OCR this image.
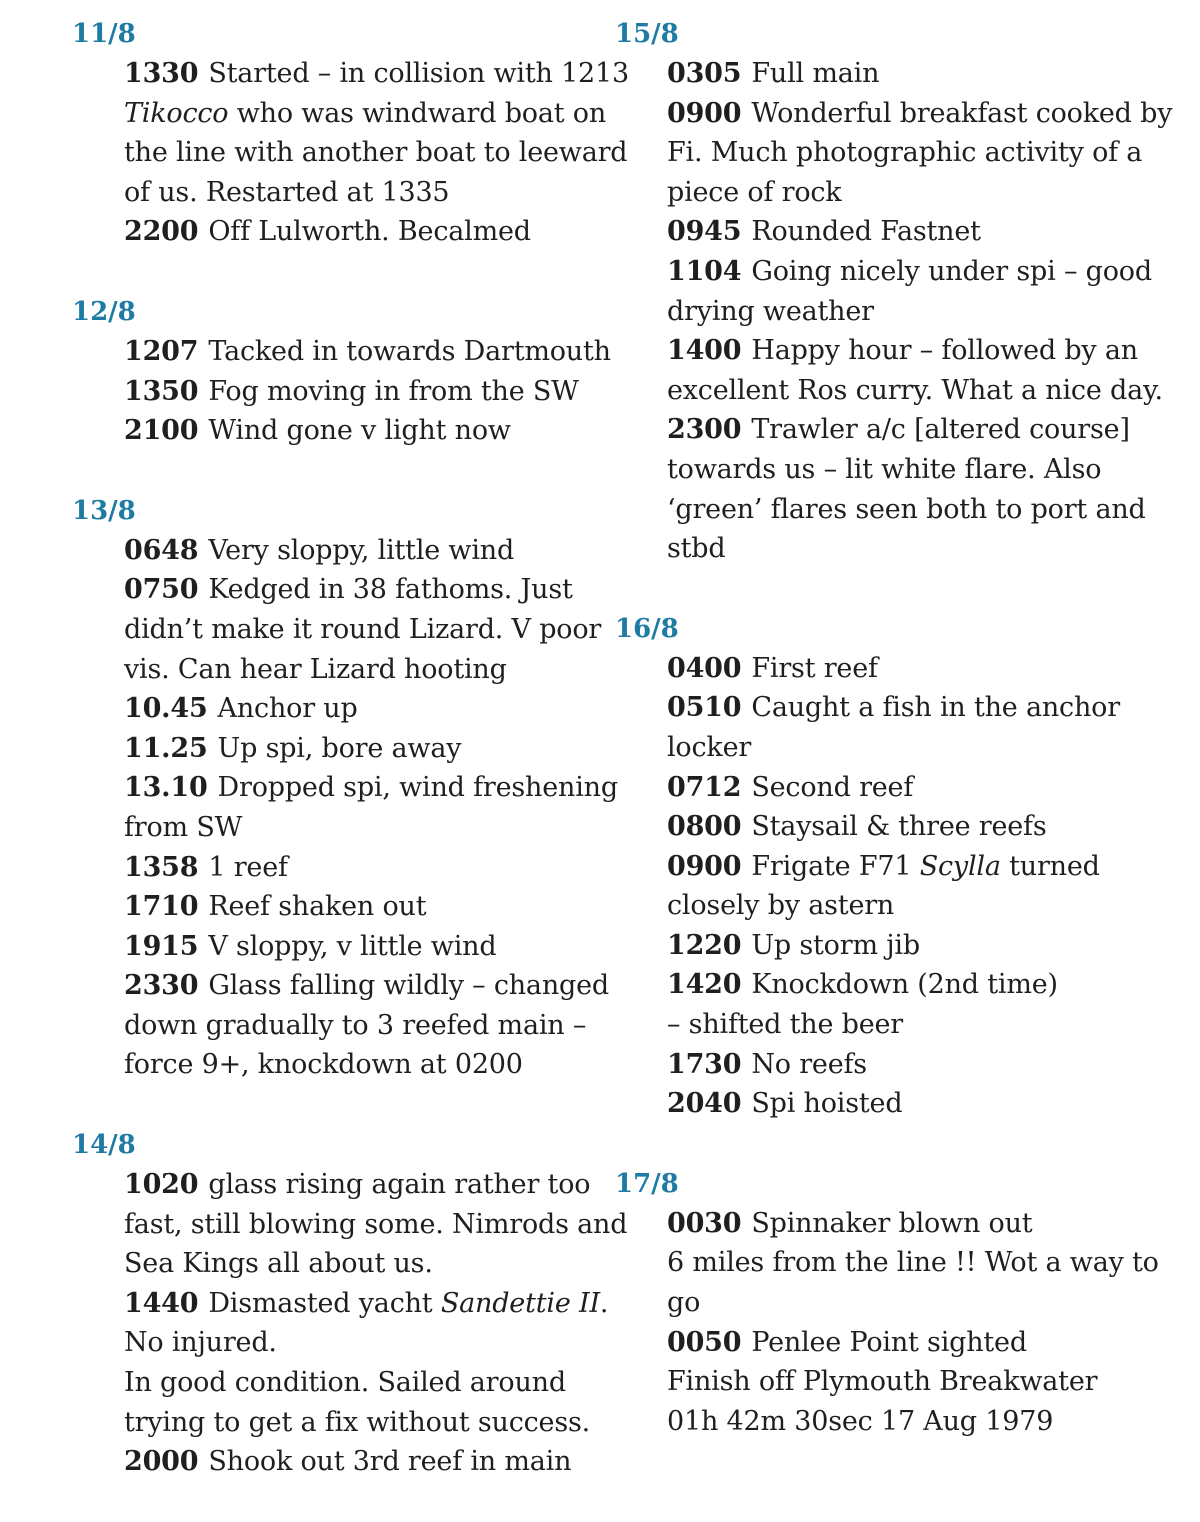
11/8

1330 Started – in collision with 1213 Tikocco who was windward boat on the line with another boat to leeward of us. Restarted at 1335

2200 Off Lulworth. Becalmed

12/8

1207 Tacked in towards Dartmouth

1350 Fog moving in from the SW

2100 Wind gone v light now

13/8

0648 Very sloppy, little wind

0750 Kedged in 38 fathoms. Just didn’t make it round Lizard. V poor vis. Can hear Lizard hooting

10.45 Anchor up

11.25 Up spi, bore away

13.10 Dropped spi, wind freshening from SW

1358 1 reef

1710 Reef shaken out

1915 V sloppy, v little wind

2330 Glass falling wildly – changed down gradually to 3 reefed main – force 9+, knockdown at 0200

14/8

1020 glass rising again rather too fast, still blowing some. Nimrods and Sea Kings all about us.

1440 Dismasted yacht Sandettie II. No injured.

In good condition. Sailed around trying to get a fix without success.

2000 Shook out 3rd reef in main

15/8

0305 Full main

0900 Wonderful breakfast cooked by Fi. Much photographic activity of a piece of rock

0945 Rounded Fastnet

1104 Going nicely under spi – good drying weather

1400 Happy hour – followed by an excellent Ros curry. What a nice day.

2300 Trawler a/c [altered course] towards us – lit white flare. Also ‘green’ flares seen both to port and stbd

16/8

0400 First reef

0510 Caught a fish in the anchor locker

0712 Second reef

0800 Staysail & three reefs

0900 Frigate F71 Scylla turned closely by astern

1220 Up storm jib

1420 Knockdown (2nd time)

– shifted the beer

1730 No reefs

2040 Spi hoisted

17/8

0030 Spinnaker blown out

6 miles from the line !! Wot a way to go

0050 Penlee Point sighted

Finish off Plymouth Breakwater

01h 42m 30sec 17 Aug 1979
